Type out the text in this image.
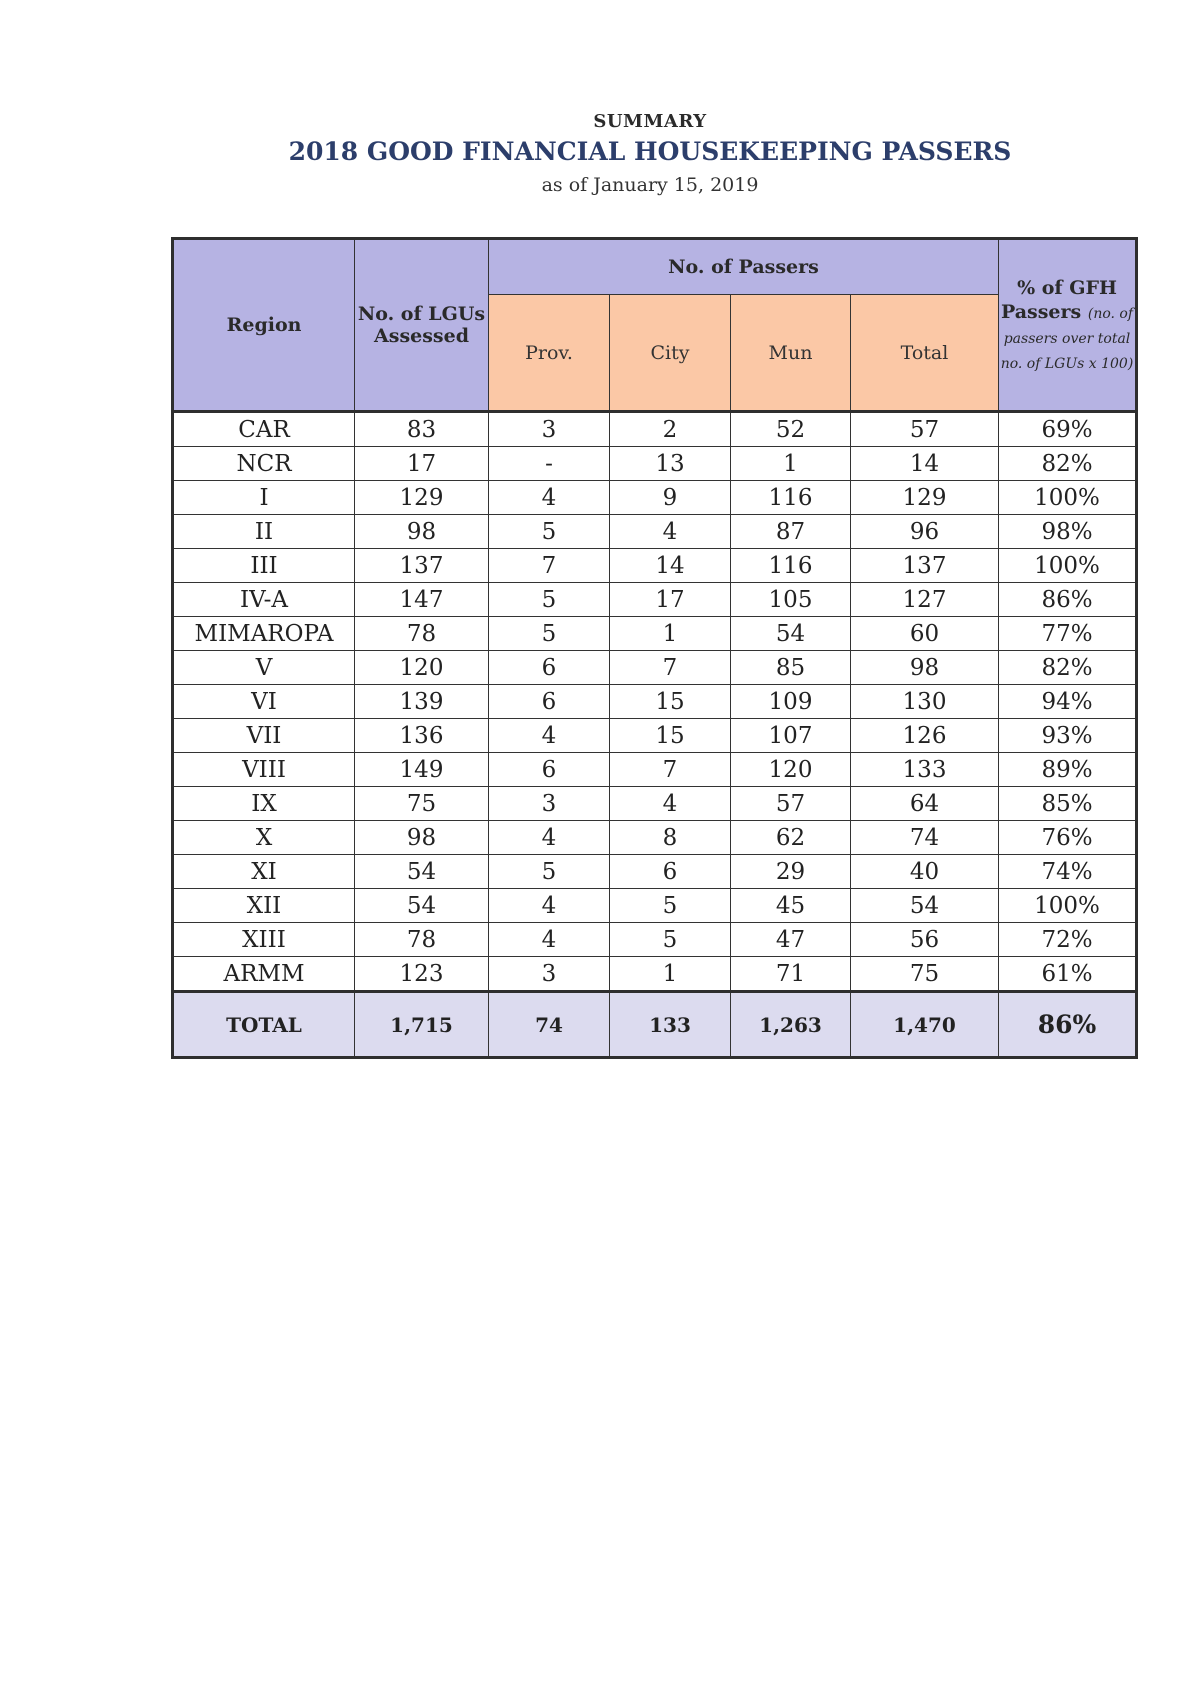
SUMMARY
2018 GOOD FINANCIAL HOUSEKEEPING PASSERS
as of January 15, 2019
Region	No. of LGUs Assessed	No. of Passers				% of GFH Passers (no. of passers over total no. of LGUs x 100)
		Prov.	City	Mun	Total	
CAR	83	3	2	52	57	69%
NCR	17	-	13	1	14	82%
I	129	4	9	116	129	100%
II	98	5	4	87	96	98%
III	137	7	14	116	137	100%
IV-A	147	5	17	105	127	86%
MIMAROPA	78	5	1	54	60	77%
V	120	6	7	85	98	82%
VI	139	6	15	109	130	94%
VII	136	4	15	107	126	93%
VIII	149	6	7	120	133	89%
IX	75	3	4	57	64	85%
X	98	4	8	62	74	76%
XI	54	5	6	29	40	74%
XII	54	4	5	45	54	100%
XIII	78	4	5	47	56	72%
ARMM	123	3	1	71	75	61%
TOTAL	1,715	74	133	1,263	1,470	86%
